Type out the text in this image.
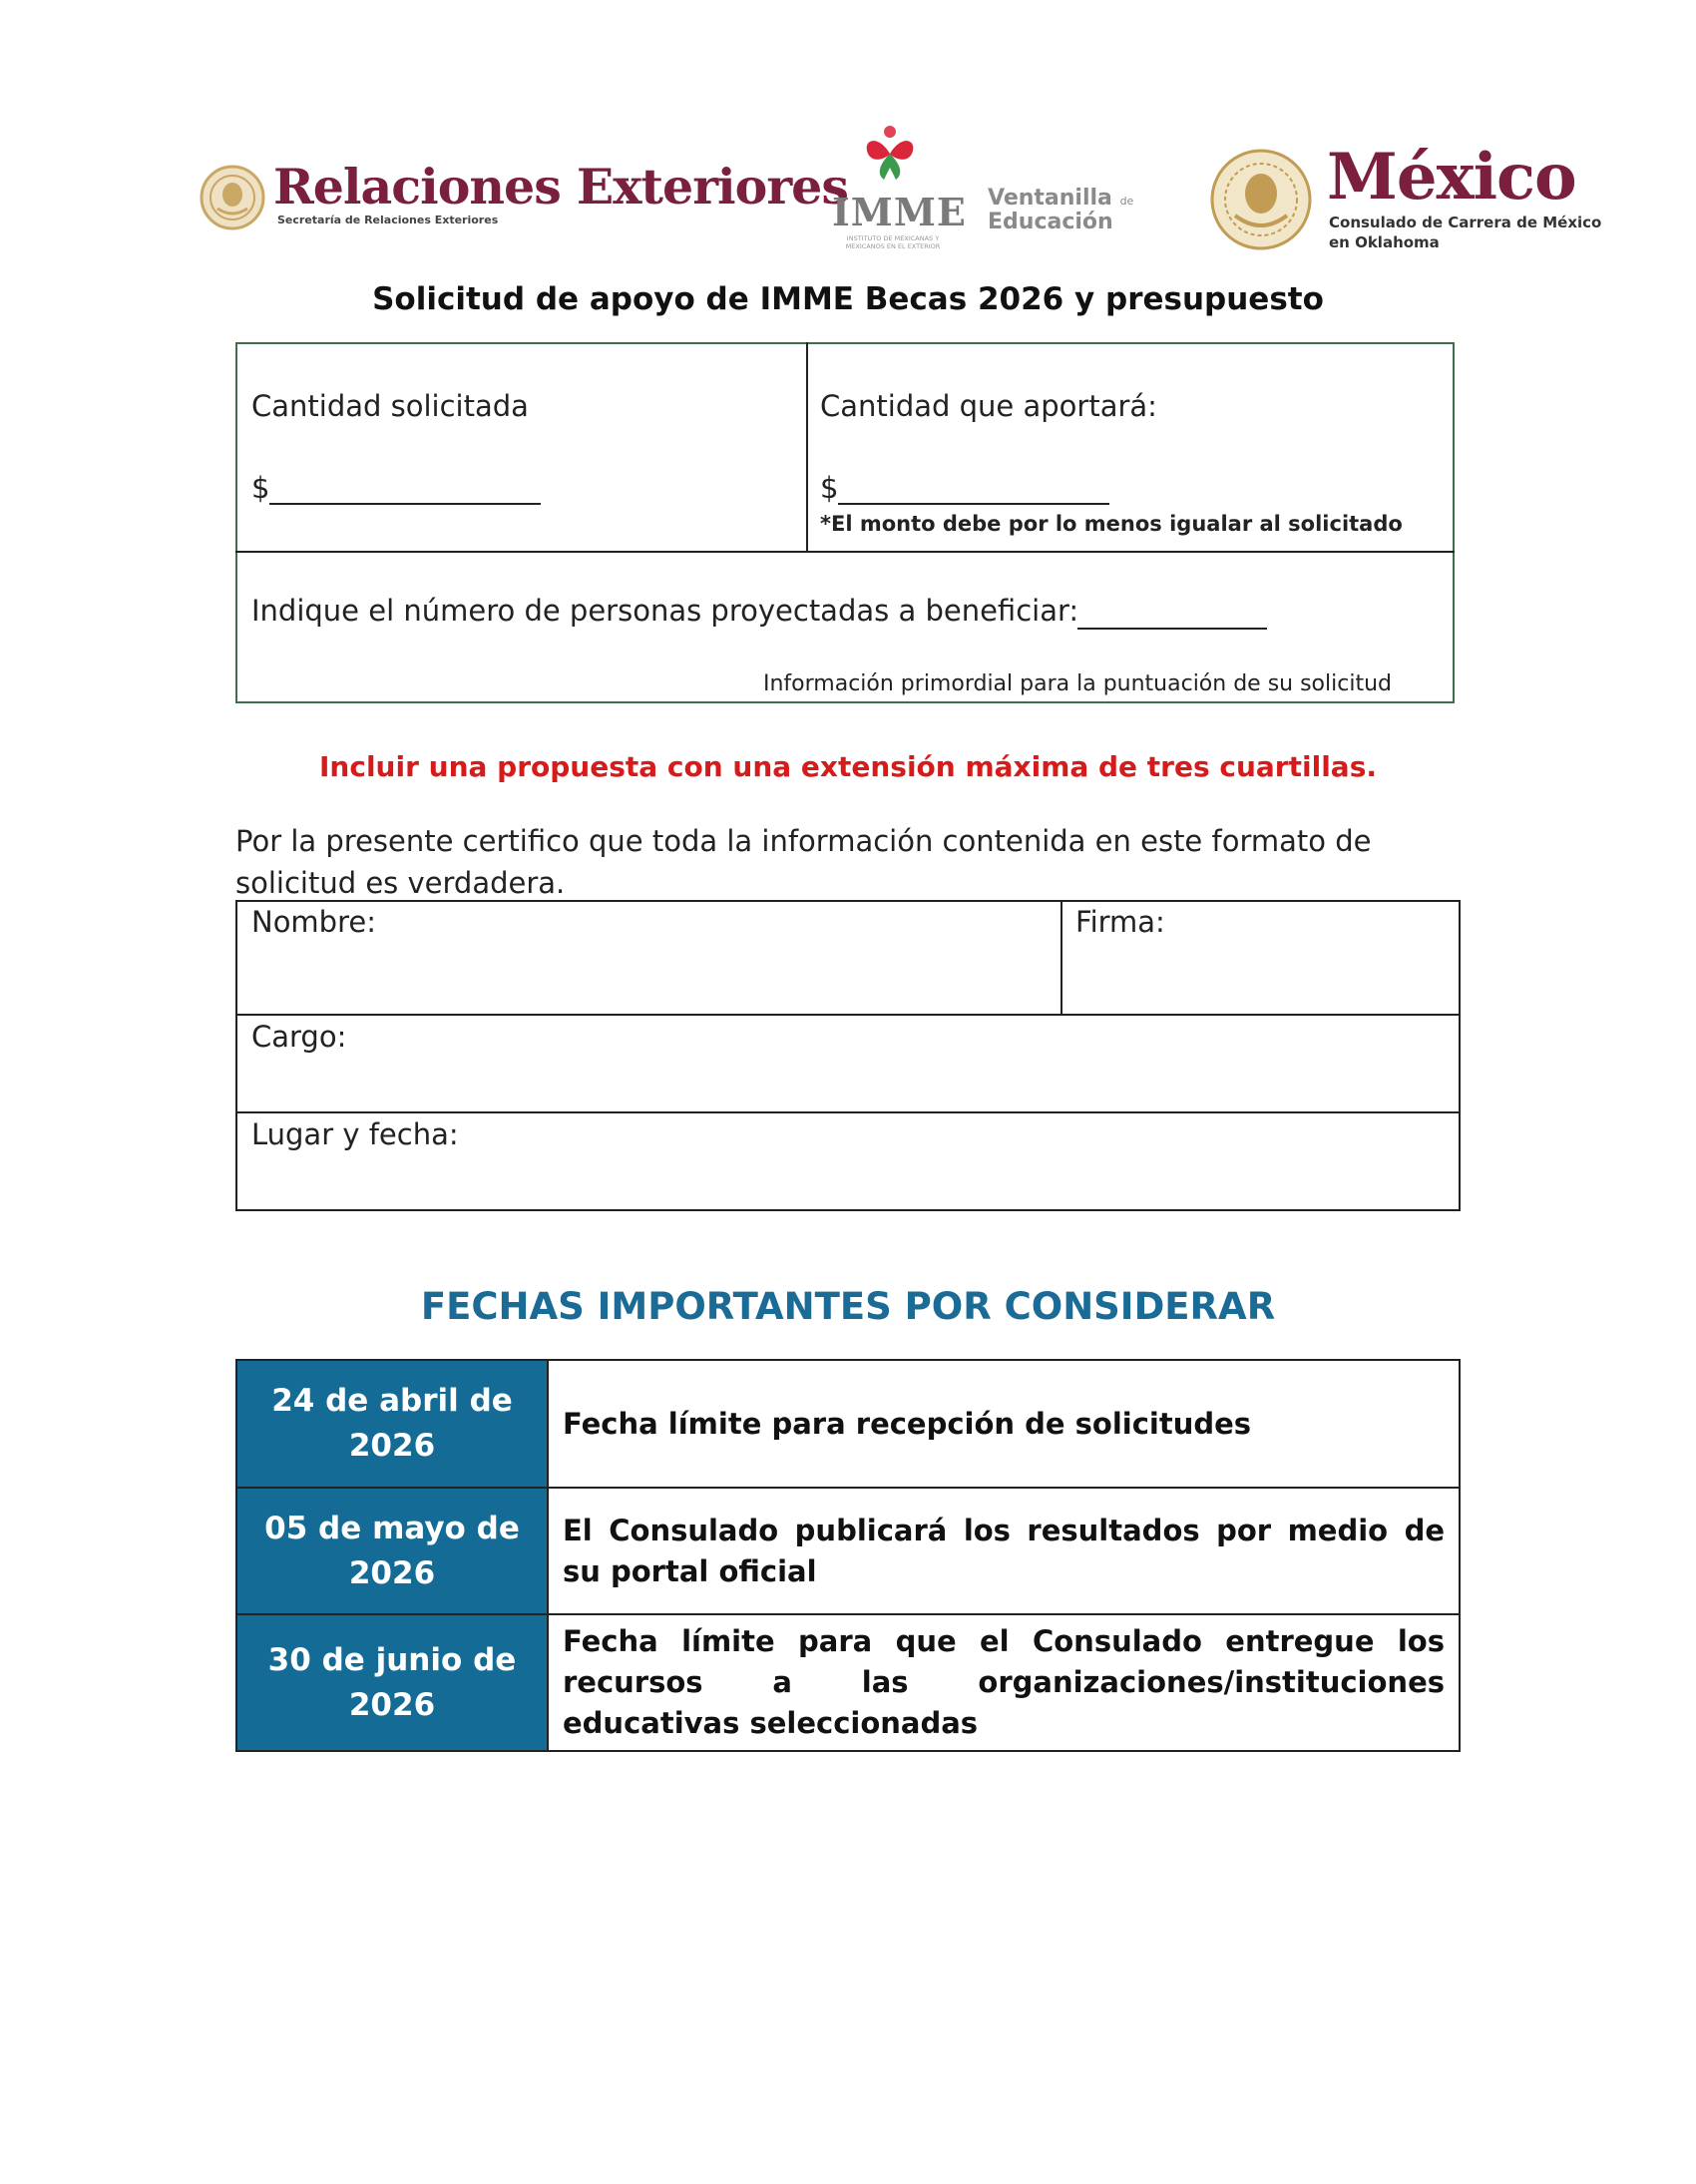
Relaciones Exteriores
Secretaría de Relaciones Exteriores	IMME
INSTITUTO DE MEXICANAS Y MEXICANOS EN EL EXTERIOR
Ventanilla de
Educación
México
Consulado de Carrera de México
en Oklahoma
Solicitud de apoyo de IMME Becas 2026 y presupuesto
Cantidad solicitada
$
Cantidad que aportará:
$
*El monto debe por lo menos igualar al solicitado
Indique el número de personas proyectadas a beneficiar:
Información primordial para la puntuación de su solicitud
Incluir una propuesta con una extensión máxima de tres cuartillas.
Por la presente certifico que toda la información contenida en este formato de solicitud es verdadera.
Nombre:	Firma:
Cargo:
Lugar y fecha:
FECHAS IMPORTANTES POR CONSIDERAR
24 de abril de
2026	Fecha límite para recepción de solicitudes

05 de mayo de
2026	El Consulado publicará los resultados por medio de su portal oficial

30 de junio de
2026	Fecha límite para que el Consulado entregue los recursos a las organizaciones/instituciones educativas seleccionadas
